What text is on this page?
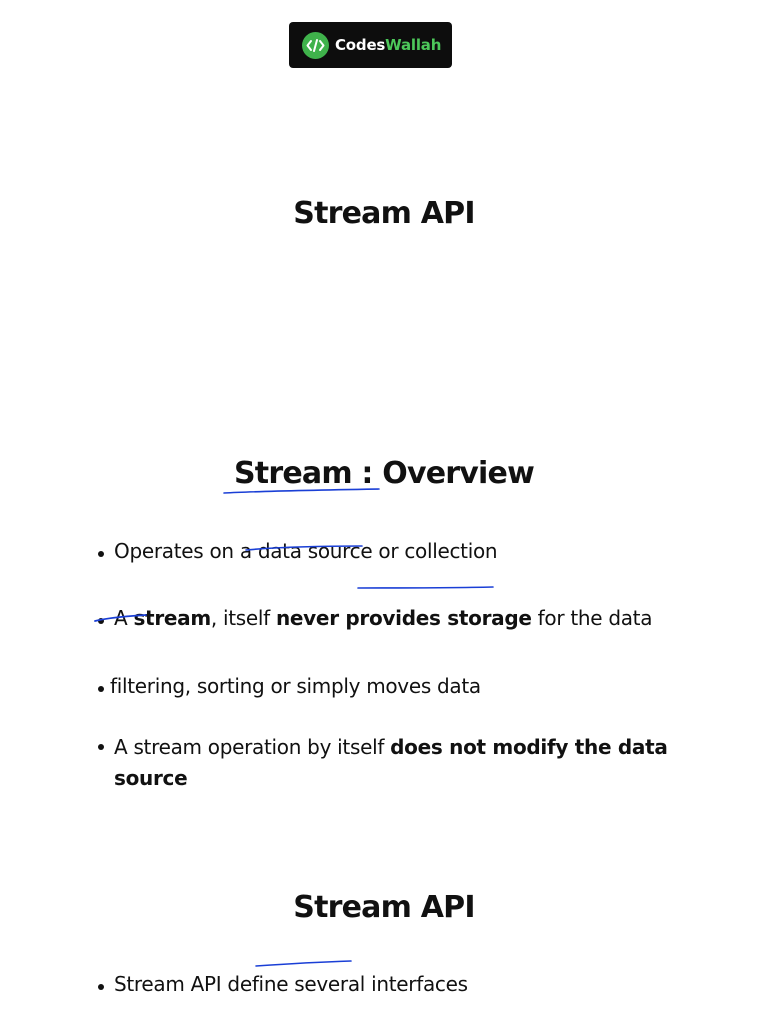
CodesWallah
Stream API
Stream : Overview

Operates on a data source or collection

A stream, itself never provides storage for the data

filtering, sorting or simply moves data

A stream operation by itself does not modify the data
source

Stream API

Stream API define several interfaces
